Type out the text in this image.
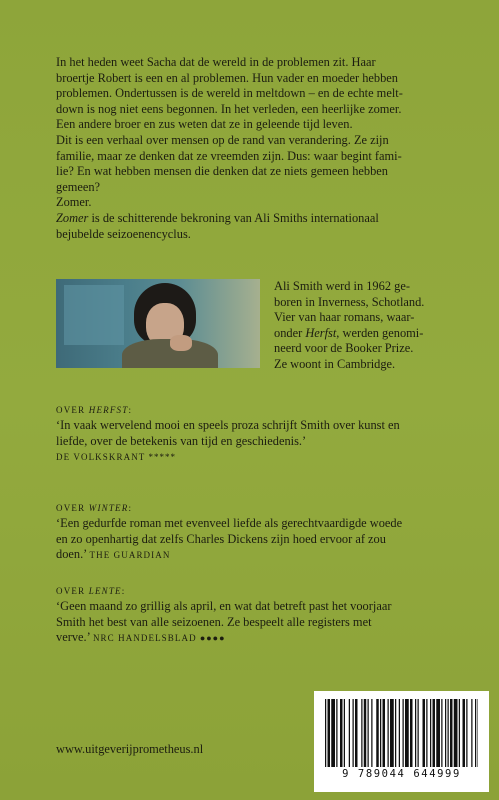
In het heden weet Sacha dat de wereld in de problemen zit. Haar

broertje Robert is een en al problemen. Hun vader en moeder hebben

problemen. Ondertussen is de wereld in meltdown – en de echte melt-

down is nog niet eens begonnen. In het verleden, een heerlijke zomer.

Een andere broer en zus weten dat ze in geleende tijd leven.

Dit is een verhaal over mensen op de rand van verandering. Ze zijn

familie, maar ze denken dat ze vreemden zijn. Dus: waar begint fami-

lie? En wat hebben mensen die denken dat ze niets gemeen hebben

gemeen?

Zomer.

Zomer is de schitterende bekroning van Ali Smiths internationaal

bejubelde seizoenencyclus.

Ali Smith werd in 1962 ge-
boren in Inverness, Schotland.
Vier van haar romans, waar-
onder Herfst, werden genomi-
neerd voor de Booker Prize.
Ze woont in Cambridge.
OVER HERFST:
‘In vaak wervelend mooi en speels proza schrijft Smith over kunst en
liefde, over de betekenis van tijd en geschiedenis.’
DE VOLKSKRANT *****
OVER WINTER:
‘Een gedurfde roman met evenveel liefde als gerechtvaardigde woede
en zo openhartig dat zelfs Charles Dickens zijn hoed ervoor af zou
doen.’ THE GUARDIAN
OVER LENTE:
‘Geen maand zo grillig als april, en wat dat betreft past het voorjaar
Smith het best van alle seizoenen. Ze bespeelt alle registers met
verve.’ NRC HANDELSBLAD ●●●●
www.uitgeverijprometheus.nl
9 789044 644999
